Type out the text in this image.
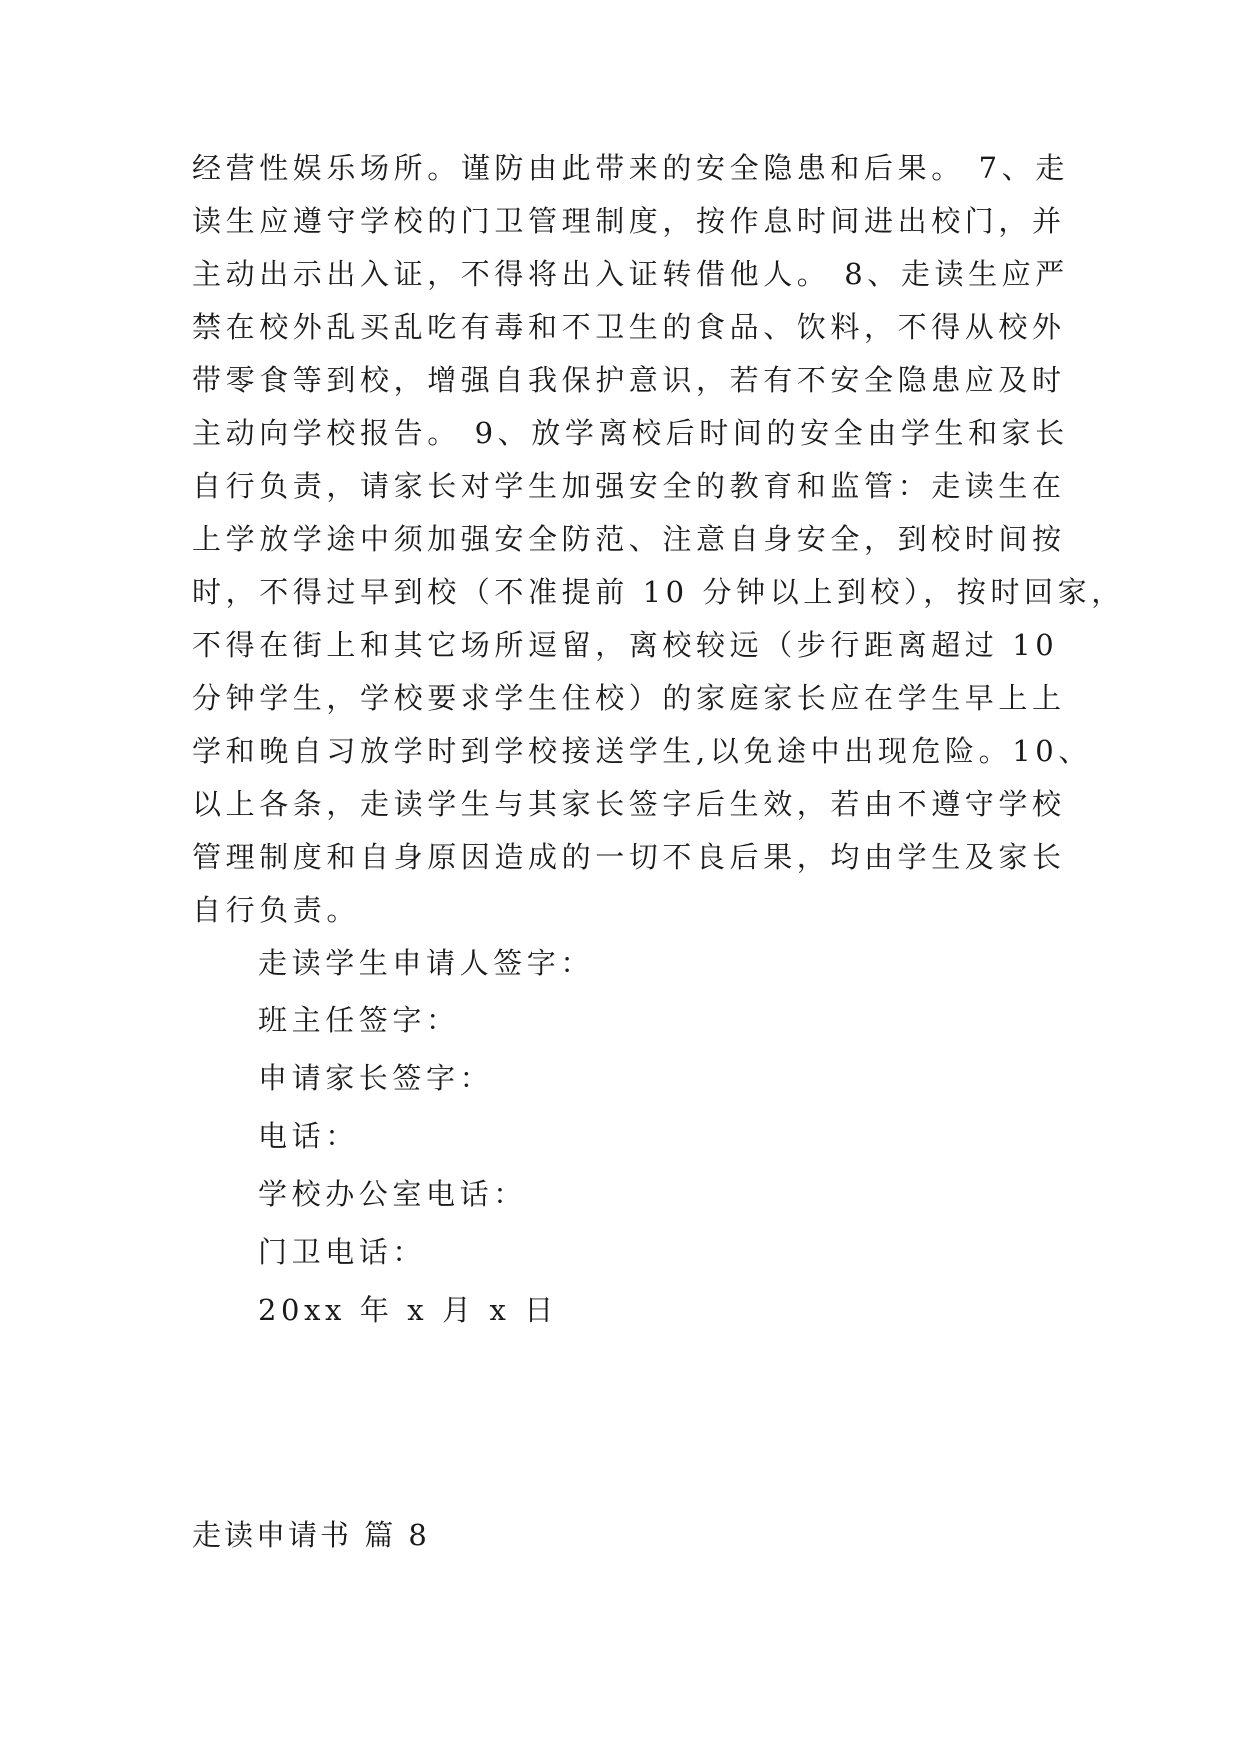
经营性娱乐场所。谨防由此带来的安全隐患和后果。 7、走
读生应遵守学校的门卫管理制度，按作息时间进出校门，并
主动出示出入证，不得将出入证转借他人。 8、走读生应严
禁在校外乱买乱吃有毒和不卫生的食品、饮料，不得从校外
带零食等到校，增强自我保护意识，若有不安全隐患应及时
主动向学校报告。 9、放学离校后时间的安全由学生和家长
自行负责，请家长对学生加强安全的教育和监管：走读生在
上学放学途中须加强安全防范、注意自身安全，到校时间按
时，不得过早到校（不准提前 10 分钟以上到校），按时回家，
不得在街上和其它场所逗留，离校较远（步行距离超过 10
分钟学生，学校要求学生住校）的家庭家长应在学生早上上
学和晚自习放学时到学校接送学生,以免途中出现危险。10、
以上各条，走读学生与其家长签字后生效，若由不遵守学校
管理制度和自身原因造成的一切不良后果，均由学生及家长
自行负责。
走读学生申请人签字：
班主任签字：
申请家长签字：
电话：
学校办公室电话：
门卫电话：
20xx 年 x 月 x 日
走读申请书 篇 8
